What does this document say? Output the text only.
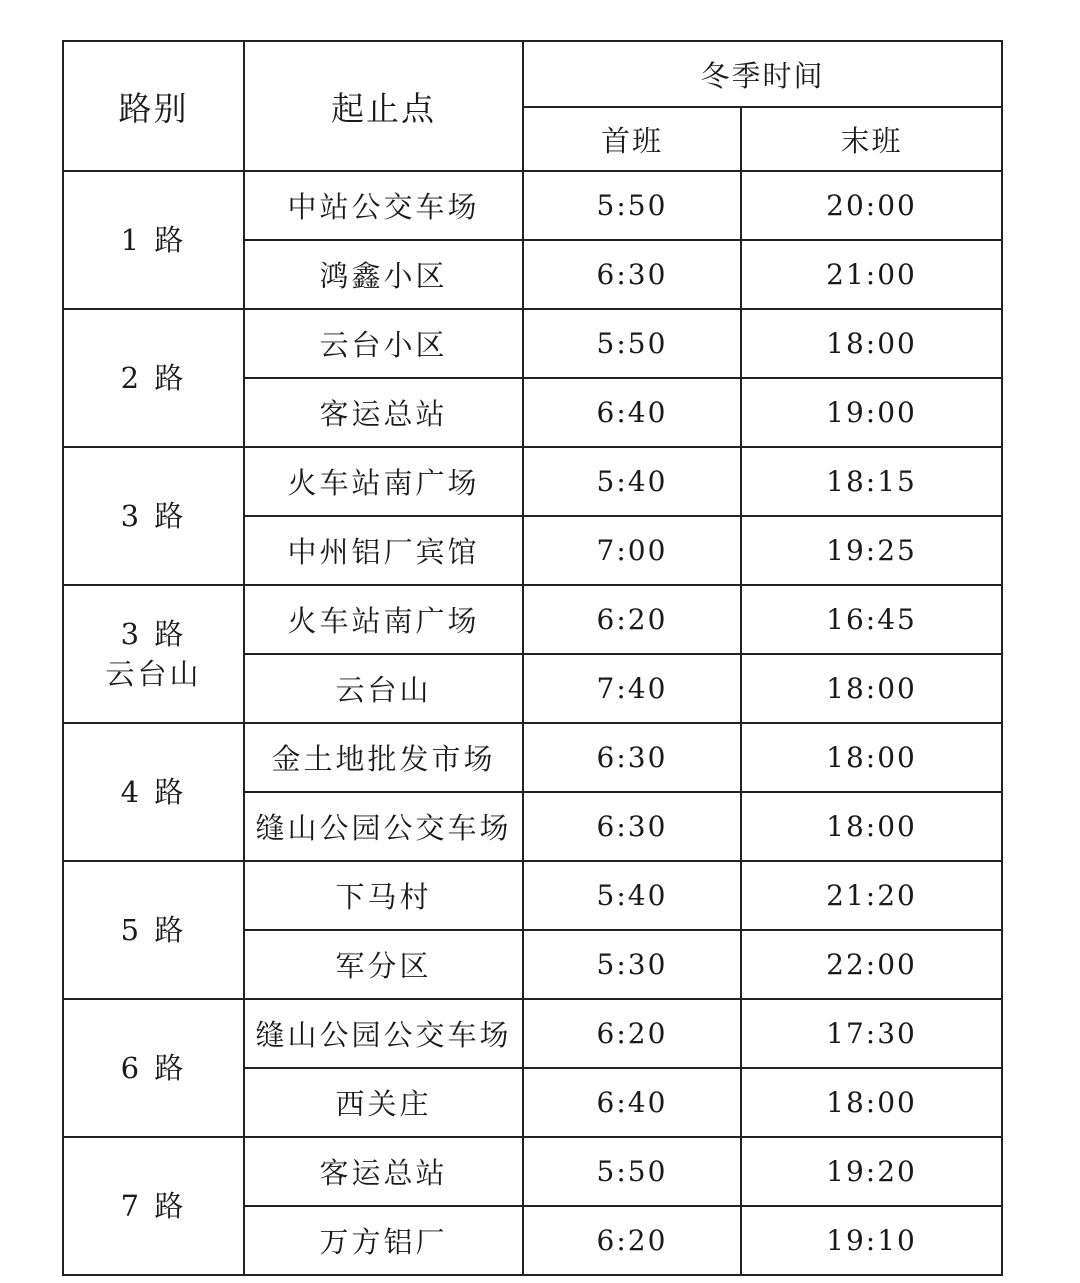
路别	起止点	冬季时间	
		首班	末班

1 路	中站公交车场	5:50	20:00
	鸿鑫小区	6:30	21:00

2 路	云台小区	5:50	18:00
	客运总站	6:40	19:00

3 路	火车站南广场	5:40	18:15
	中州铝厂宾馆	7:00	19:25

3 路
云台山	火车站南广场	6:20	16:45
	云台山	7:40	18:00

4 路	金土地批发市场	6:30	18:00
	缝山公园公交车场	6:30	18:00

5 路	下马村	5:40	21:20
	军分区	5:30	22:00

6 路	缝山公园公交车场	6:20	17:30
	西关庄	6:40	18:00

7 路	客运总站	5:50	19:20
	万方铝厂	6:20	19:10
